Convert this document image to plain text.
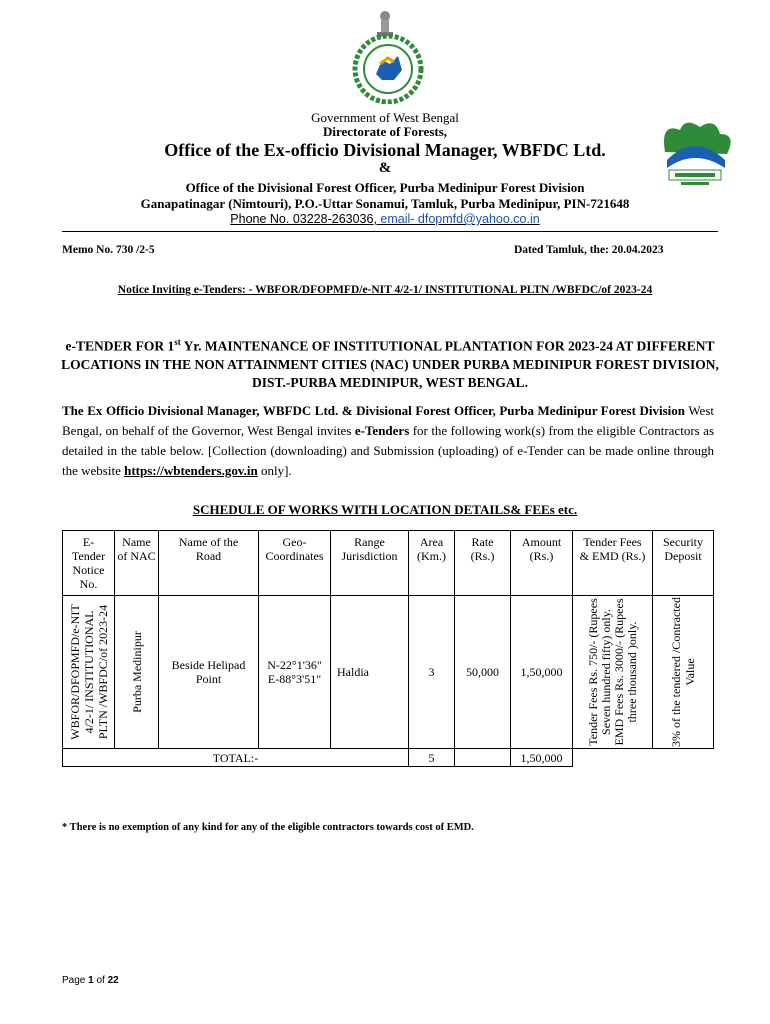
Government of West Bengal
Directorate of Forests,
Office of the Ex-officio Divisional Manager, WBFDC Ltd.
&
Office of the Divisional Forest Officer, Purba Medinipur Forest Division
Ganapatinagar (Nimtouri), P.O.-Uttar Sonamui, Tamluk, Purba Medinipur, PIN-721648
Phone No. 03228-263036, email- dfopmfd@yahoo.co.in
Memo No. 730 /2-5	Dated Tamluk, the: 20.04.2023
Notice Inviting e-Tenders: - WBFOR/DFOPMFD/e-NIT 4/2-1/ INSTITUTIONAL PLTN /WBFDC/of 2023-24
e-TENDER FOR 1st Yr. MAINTENANCE OF INSTITUTIONAL PLANTATION FOR 2023-24 AT DIFFERENT LOCATIONS IN THE NON ATTAINMENT CITIES (NAC) UNDER PURBA MEDINIPUR FOREST DIVISION, DIST.-PURBA MEDINIPUR, WEST BENGAL.
The Ex Officio Divisional Manager, WBFDC Ltd. & Divisional Forest Officer, Purba Medinipur Forest Division West Bengal, on behalf of the Governor, West Bengal invites e-Tenders for the following work(s) from the eligible Contractors as detailed in the table below. [Collection (downloading) and Submission (uploading) of e-Tender can be made online through the website https://wbtenders.gov.in only].
SCHEDULE OF WORKS WITH LOCATION DETAILS& FEEs etc.
E-Tender Notice No.	Name of NAC	Name of the Road	Geo-Coordinates	Range Jurisdiction	Area (Km.)	Rate (Rs.)	Amount (Rs.)	Tender Fees & EMD (Rs.)	Security Deposit

WBFOR/DFOPMFD/e-NIT 4/2-1/ INSTITUTIONAL PLTN /WBFDC/of 2023-24	Purba Medinipur	Beside Helipad Point	N-22°1'36"
E-88°3'51"	Haldia	3	50,000	1,50,000	Tender Fees Rs. 750/- (Rupees Seven hundred fifty) only. EMD Fees Rs. 3000/- (Rupees three thousand )only.	3% of the tendered /Contracted Value

TOTAL:-					5		1,50,000		
* There is no exemption of any kind for any of the eligible contractors towards cost of EMD.
Page 1 of 22
